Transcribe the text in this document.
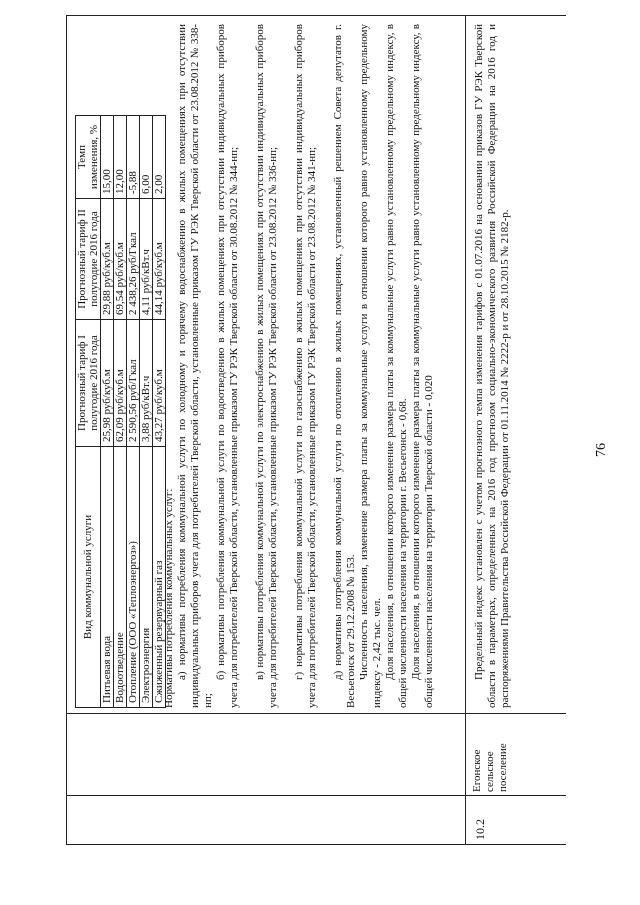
76
Вид коммунальной услуги	Прогнозный тариф I полугодие 2016 года	Прогнозный тариф II полугодие 2016 года	Темп изменения, %
Питьевая вода	25,98 руб/куб.м	29,88 руб/куб.м	15,00
Водоотведение	62,09 руб/куб.м	69,54 руб/куб.м	12,00
Отопление (ООО «Теплоэнергоз»)	2 590,56 руб/Гкал	2 438,26 руб/Гкал	-5,88
Электроэнергия	3,88 руб/кВт.ч	4,11 руб/кВт.ч	6,00
Сжиженный резервуарный газ	43,27 руб/куб.м	44,14 руб/куб.м	2,00
Нормативы потребления коммунальных услуг: а) нормативы потребления коммунальной услуги по холодному и горячему водоснабжению в жилых помещениях при отсутствии индивидуальных приборов учета для потребителей Тверской области, установленные приказом ГУ РЭК Тверской области от 23.08.2012 № 338-нп;
б) нормативы потребления коммунальной услуги по водоотведению в жилых помещениях при отсутствии индивидуальных приборов учета для потребителей Тверской области, установленные приказом ГУ РЭК Тверской области от 30.08.2012 № 344-нп; в) нормативы потребления коммунальной услуги по электроснабжению в жилых помещениях при отсутствии индивидуальных приборов учета для потребителей Тверской области, установленные приказом ГУ РЭК Тверской области от 23.08.2012 № 336-нп; г) нормативы потребления коммунальной услуги по газоснабжению в жилых помещениях при отсутствии индивидуальных приборов учета для потребителей Тверской области, установленные приказом ГУ РЭК Тверской области от 23.08.2012 № 341-нп; д) нормативы потребления коммунальной услуги по отоплению в жилых помещениях, установленный решением Совета депутатов г. Весьегонск от 29.12.2008 № 153. Численность населения, изменение размера платы за коммунальные услуги в отношении которого равно установленному предельному индексу - 2,42 тыс. чел. Доля населения, в отношении которого изменение размера платы за коммунальные услуги равно установленному предельному индексу, в общей численности населения на территории г. Весьегонск - 0,68. Доля населения, в отношении которого изменение размера платы за коммунальные услуги равно установленному предельному индексу, в общей численности населения на территории Тверской области - 0,020
10.2
Егонское сельское поселение
Предельный индекс установлен с учетом прогнозного темпа изменения тарифов с 01.07.2016 на основании приказов ГУ РЭК Тверской области в параметрах, определенных на 2016 год прогнозом социально-экономического развития Российской Федерации на 2016 год и распоряжениями Правительства Российской Федерации от 01.11.2014 № 2222-р и от 28.10.2015 № 2182-р.
